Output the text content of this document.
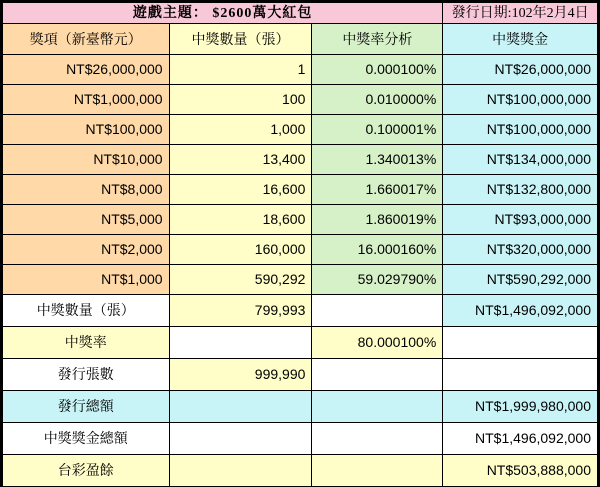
遊戲主題： $2600萬大紅包			發行日期:102年2月4日
獎項（新臺幣元）	中獎數量（張）	中獎率分析	中獎獎金
NT$26,000,000	1	0.000100%	NT$26,000,000
NT$1,000,000	100	0.010000%	NT$100,000,000
NT$100,000	1,000	0.100001%	NT$100,000,000
NT$10,000	13,400	1.340013%	NT$134,000,000
NT$8,000	16,600	1.660017%	NT$132,800,000
NT$5,000	18,600	1.860019%	NT$93,000,000
NT$2,000	160,000	16.000160%	NT$320,000,000
NT$1,000	590,292	59.029790%	NT$590,292,000
中獎數量（張）	799,993		NT$1,496,092,000
中獎率		80.000100%	
發行張數	999,990		
發行總額			NT$1,999,980,000
中獎獎金總額			NT$1,496,092,000
台彩盈餘			NT$503,888,000
